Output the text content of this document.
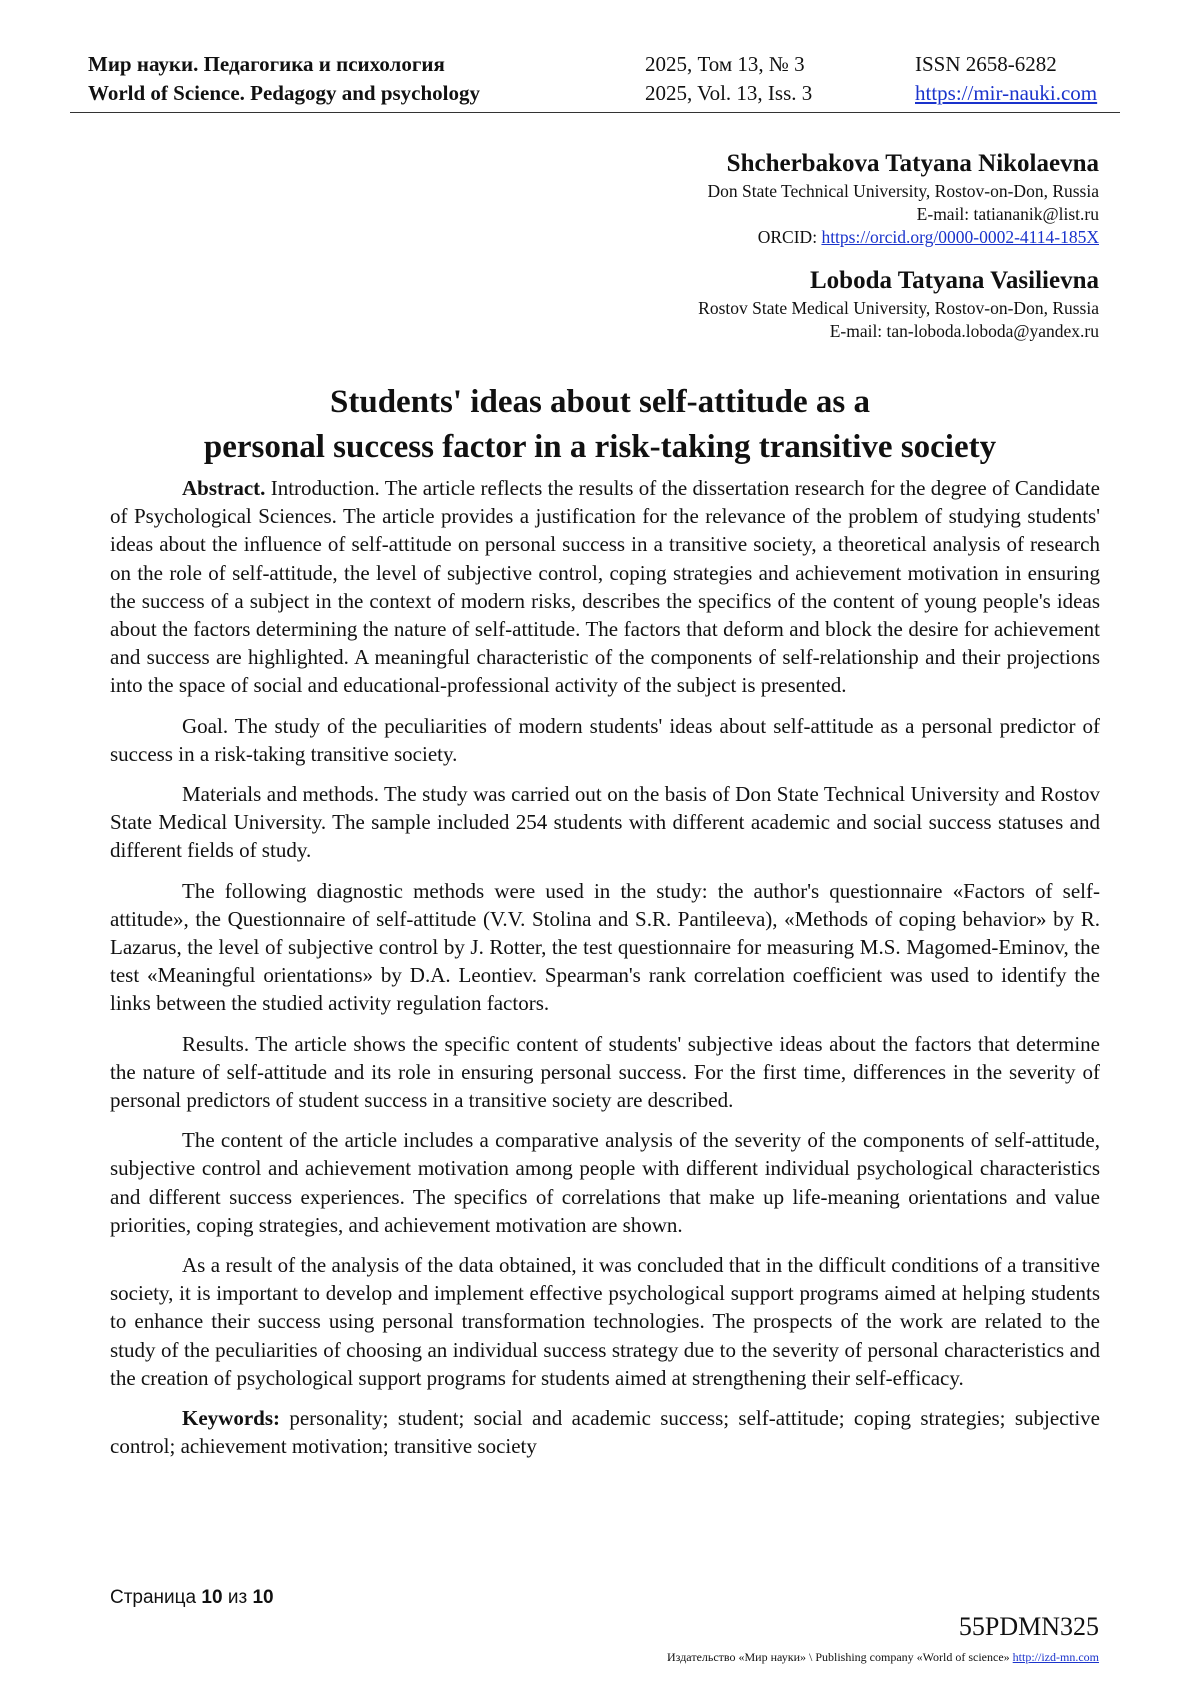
Мир науки. Педагогика и психология
World of Science. Pedagogy and psychology
2025, Том 13, № 3
2025, Vol. 13, Iss. 3
ISSN 2658-6282
https://mir-nauki.com
Shcherbakova Tatyana Nikolaevna
Don State Technical University, Rostov-on-Don, Russia
E-mail: tatiananik@list.ru
ORCID: https://orcid.org/0000-0002-4114-185X
Loboda Tatyana Vasilievna
Rostov State Medical University, Rostov-on-Don, Russia
E-mail: tan-loboda.loboda@yandex.ru
Students' ideas about self-attitude as a
personal success factor in a risk-taking transitive society

Abstract. Introduction. The article reflects the results of the dissertation research for the degree of Candidate of Psychological Sciences. The article provides a justification for the relevance of the problem of studying students' ideas about the influence of self-attitude on personal success in a transitive society, a theoretical analysis of research on the role of self-attitude, the level of subjective control, coping strategies and achievement motivation in ensuring the success of a subject in the context of modern risks, describes the specifics of the content of young people's ideas about the factors determining the nature of self-attitude. The factors that deform and block the desire for achievement and success are highlighted. A meaningful characteristic of the components of self-relationship and their projections into the space of social and educational-professional activity of the subject is presented.

Goal. The study of the peculiarities of modern students' ideas about self-attitude as a personal predictor of success in a risk-taking transitive society.

Materials and methods. The study was carried out on the basis of Don State Technical University and Rostov State Medical University. The sample included 254 students with different academic and social success statuses and different fields of study.

The following diagnostic methods were used in the study: the author's questionnaire «Factors of self-attitude», the Questionnaire of self-attitude (V.V. Stolina and S.R. Pantileeva), «Methods of coping behavior» by R. Lazarus, the level of subjective control by J. Rotter, the test questionnaire for measuring M.S. Magomed-Eminov, the test «Meaningful orientations» by D.A. Leontiev. Spearman's rank correlation coefficient was used to identify the links between the studied activity regulation factors.

Results. The article shows the specific content of students' subjective ideas about the factors that determine the nature of self-attitude and its role in ensuring personal success. For the first time, differences in the severity of personal predictors of student success in a transitive society are described.

The content of the article includes a comparative analysis of the severity of the components of self-attitude, subjective control and achievement motivation among people with different individual psychological characteristics and different success experiences. The specifics of correlations that make up life-meaning orientations and value priorities, coping strategies, and achievement motivation are shown.

As a result of the analysis of the data obtained, it was concluded that in the difficult conditions of a transitive society, it is important to develop and implement effective psychological support programs aimed at helping students to enhance their success using personal transformation technologies. The prospects of the work are related to the study of the peculiarities of choosing an individual success strategy due to the severity of personal characteristics and the creation of psychological support programs for students aimed at strengthening their self-efficacy.

Keywords: personality; student; social and academic success; self-attitude; coping strategies; subjective control; achievement motivation; transitive society

Страница 10 из 10
55PDMN325
Издательство «Мир науки» \ Publishing company «World of science» http://izd-mn.com
